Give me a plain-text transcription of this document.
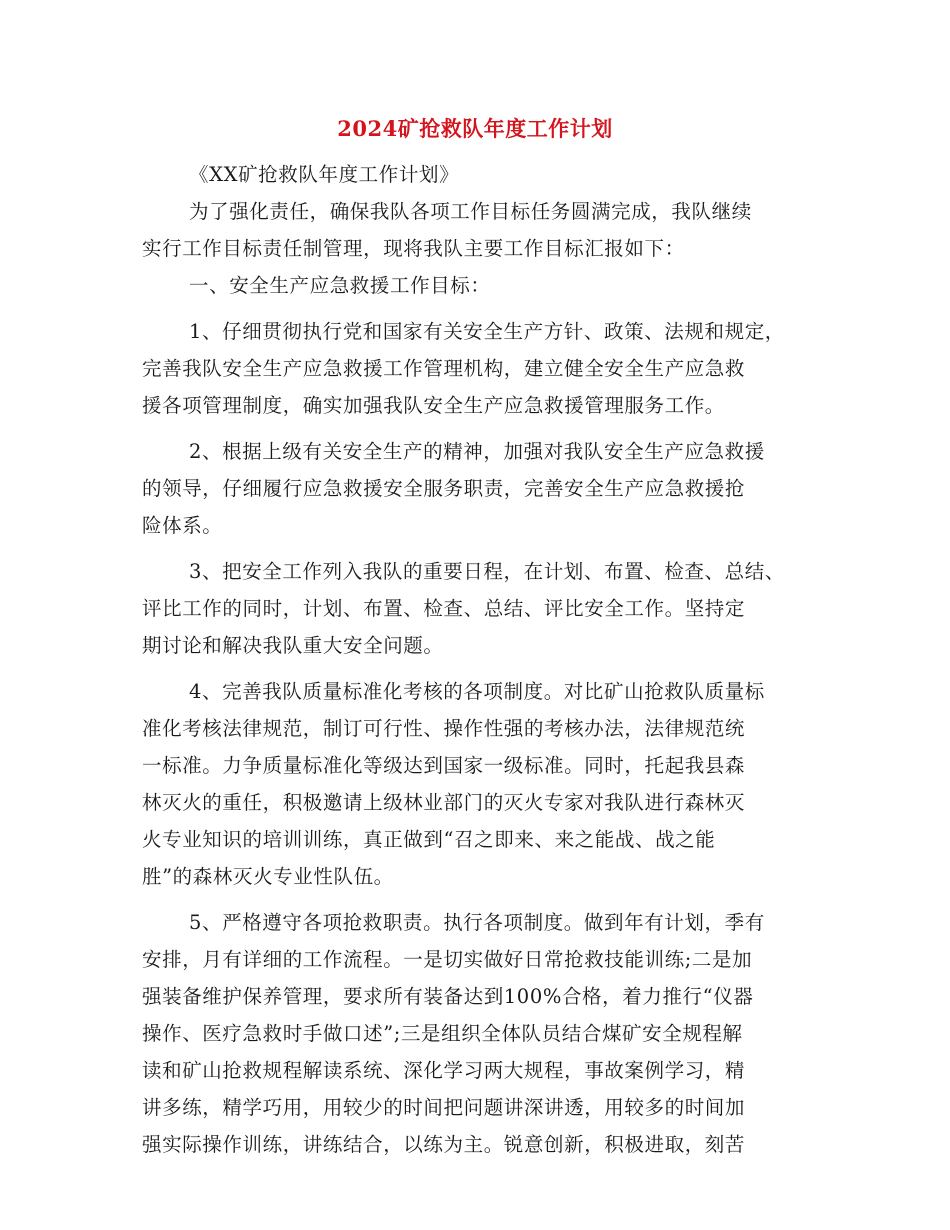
2024矿抢救队年度工作计划
《XX矿抢救队年度工作计划》
为了强化责任，确保我队各项工作目标任务圆满完成，我队继续
实行工作目标责任制管理，现将我队主要工作目标汇报如下：
一、安全生产应急救援工作目标：
1、仔细贯彻执行党和国家有关安全生产方针、政策、法规和规定，
完善我队安全生产应急救援工作管理机构，建立健全安全生产应急救
援各项管理制度，确实加强我队安全生产应急救援管理服务工作。
2、根据上级有关安全生产的精神，加强对我队安全生产应急救援
的领导，仔细履行应急救援安全服务职责，完善安全生产应急救援抢
险体系。
3、把安全工作列入我队的重要日程，在计划、布置、检查、总结、
评比工作的同时，计划、布置、检查、总结、评比安全工作。坚持定
期讨论和解决我队重大安全问题。
4、完善我队质量标准化考核的各项制度。对比矿山抢救队质量标
准化考核法律规范，制订可行性、操作性强的考核办法，法律规范统
一标准。力争质量标准化等级达到国家一级标准。同时，托起我县森
林灭火的重任，积极邀请上级林业部门的灭火专家对我队进行森林灭
火专业知识的培训训练，真正做到“召之即来、来之能战、战之能
胜”的森林灭火专业性队伍。
5、严格遵守各项抢救职责。执行各项制度。做到年有计划，季有
安排，月有详细的工作流程。一是切实做好日常抢救技能训练;二是加
强装备维护保养管理，要求所有装备达到100%合格，着力推行“仪器
操作、医疗急救时手做口述”;三是组织全体队员结合煤矿安全规程解
读和矿山抢救规程解读系统、深化学习两大规程，事故案例学习，精
讲多练，精学巧用，用较少的时间把问题讲深讲透，用较多的时间加
强实际操作训练，讲练结合，以练为主。锐意创新，积极进取，刻苦
